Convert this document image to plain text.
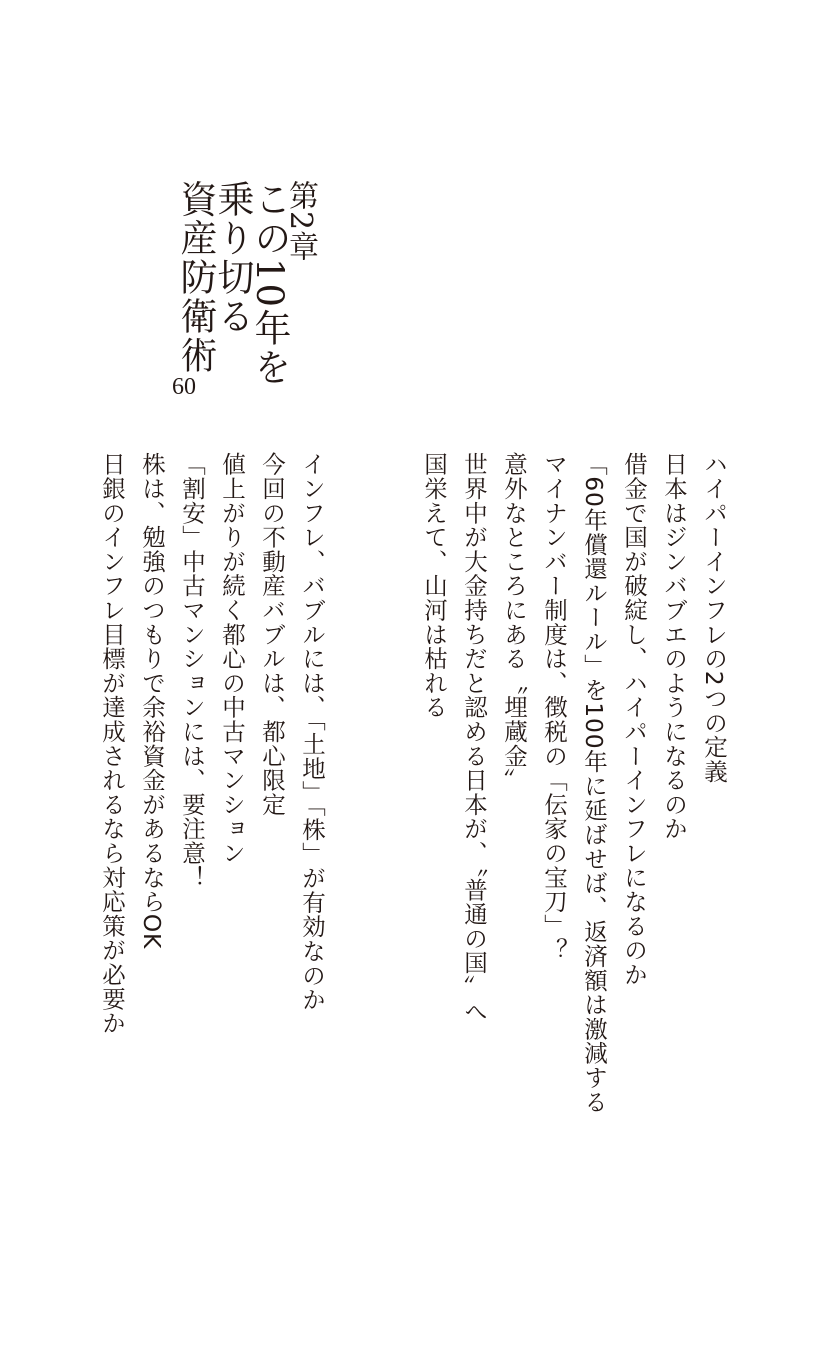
第2章
この10年を
乗り切る
資産防衛術
60
ハイパーインフレの2つの定義
日本はジンバブエのようになるのか
借金で国が破綻し、ハイパーインフレになるのか
「60年償還ルール」を100年に延ばせば、返済額は激減する
マイナンバー制度は、徴税の「伝家の宝刀」？
意外なところにある〝埋蔵金〟
世界中が大金持ちだと認める日本が、〝普通の国〟へ
国栄えて、山河は枯れる
インフレ、バブルには、「土地」「株」が有効なのか
今回の不動産バブルは、都心限定
値上がりが続く都心の中古マンション
「割安」中古マンションには、要注意！
株は、勉強のつもりで余裕資金があるならOK
日銀のインフレ目標が達成されるなら対応策が必要か
